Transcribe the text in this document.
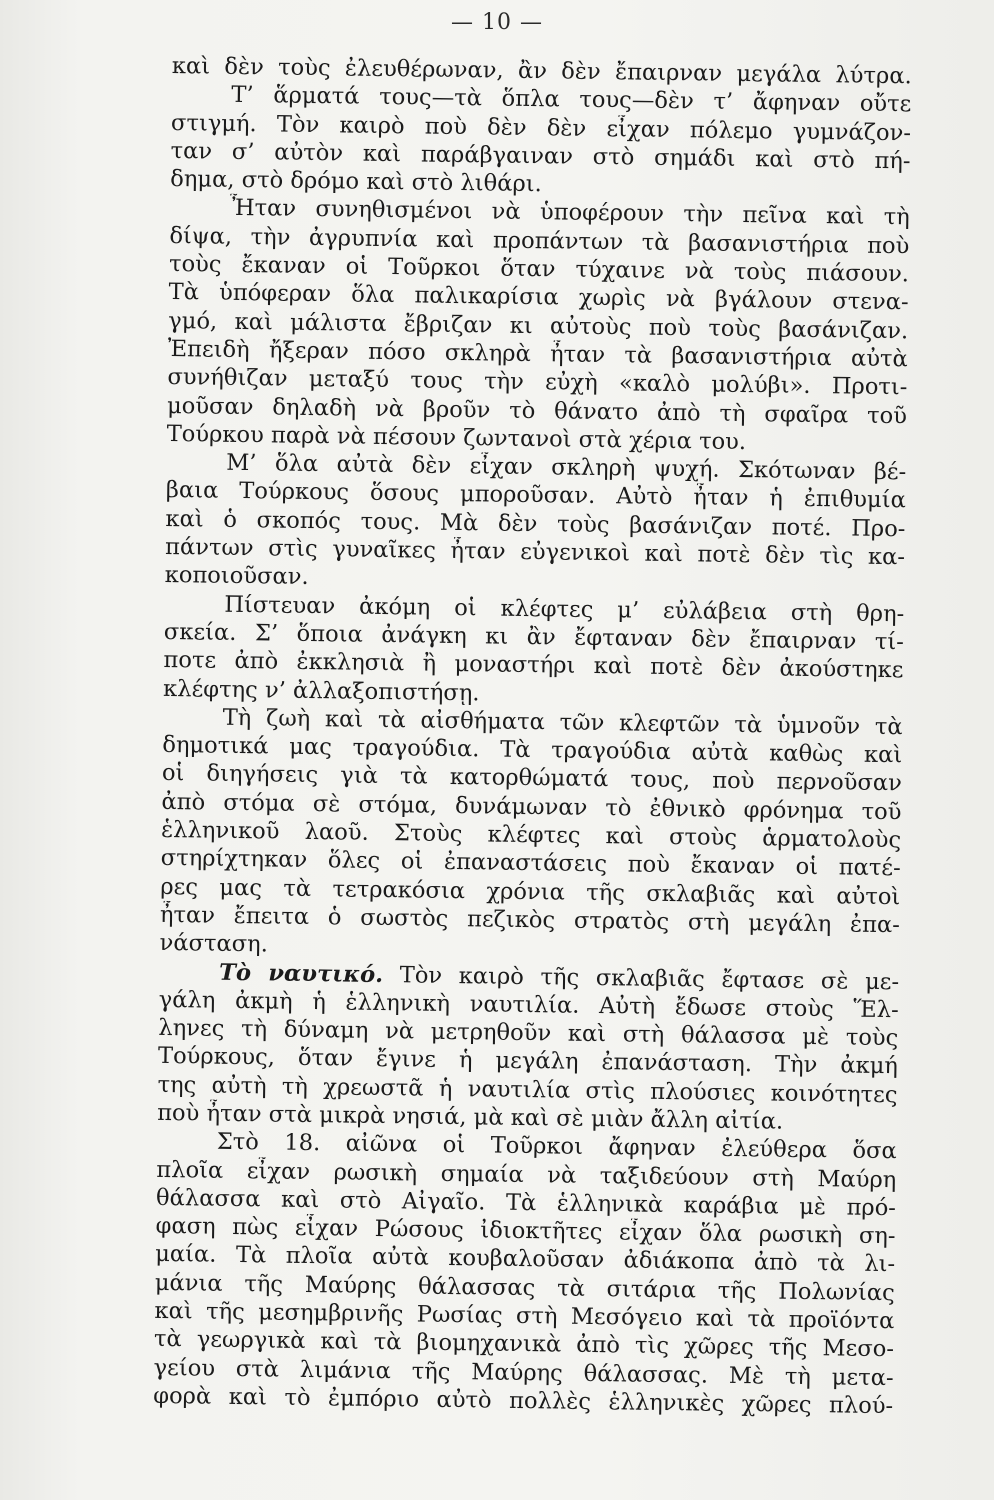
— 10 —
καὶ δὲν τοὺς ἐλευθέρωναν, ἂν δὲν ἔπαιρναν μεγάλα λύτρα.
Τ’ ἅρματά τους—τὰ ὅπλα τους—δὲν τ’ ἄφηναν οὔτε
στιγμή. Τὸν καιρὸ ποὺ δὲν δὲν εἶχαν πόλεμο γυμνάζον-
ταν σ’ αὐτὸν καὶ παράβγαιναν στὸ σημάδι καὶ στὸ πή-
δημα, στὸ δρόμο καὶ στὸ λιθάρι.
Ἦταν συνηθισμένοι νὰ ὑποφέρουν τὴν πεῖνα καὶ τὴ
δίψα, τὴν ἀγρυπνία καὶ προπάντων τὰ βασανιστήρια ποὺ
τοὺς ἔκαναν οἱ Τοῦρκοι ὅταν τύχαινε νὰ τοὺς πιάσουν.
Τὰ ὑπόφεραν ὅλα παλικαρίσια χωρὶς νὰ βγάλουν στενα-
γμό, καὶ μάλιστα ἔβριζαν κι αὐτοὺς ποὺ τοὺς βασάνιζαν.
Ἐπειδὴ ἤξεραν πόσο σκληρὰ ἦταν τὰ βασανιστήρια αὐτὰ
συνήθιζαν μεταξύ τους τὴν εὐχὴ «καλὸ μολύβι». Προτι-
μοῦσαν δηλαδὴ νὰ βροῦν τὸ θάνατο ἀπὸ τὴ σφαῖρα τοῦ
Τούρκου παρὰ νὰ πέσουν ζωντανοὶ στὰ χέρια του.
Μ’ ὅλα αὐτὰ δὲν εἶχαν σκληρὴ ψυχή. Σκότωναν βέ-
βαια Τούρκους ὅσους μποροῦσαν. Αὐτὸ ἦταν ἡ ἐπιθυμία
καὶ ὁ σκοπός τους. Μὰ δὲν τοὺς βασάνιζαν ποτέ. Προ-
πάντων στὶς γυναῖκες ἦταν εὐγενικοὶ καὶ ποτὲ δὲν τὶς κα-
κοποιοῦσαν.
Πίστευαν ἀκόμη οἱ κλέφτες μ’ εὐλάβεια στὴ θρη-
σκεία. Σ’ ὅποια ἀνάγκη κι ἂν ἔφταναν δὲν ἔπαιρναν τί-
ποτε ἀπὸ ἐκκλησιὰ ἢ μοναστήρι καὶ ποτὲ δὲν ἀκούστηκε
κλέφτης ν’ ἀλλαξοπιστήσῃ.
Τὴ ζωὴ καὶ τὰ αἰσθήματα τῶν κλεφτῶν τὰ ὑμνοῦν τὰ
δημοτικά μας τραγούδια. Τὰ τραγούδια αὐτὰ καθὼς καὶ
οἱ διηγήσεις γιὰ τὰ κατορθώματά τους, ποὺ περνοῦσαν
ἀπὸ στόμα σὲ στόμα, δυνάμωναν τὸ ἐθνικὸ φρόνημα τοῦ
ἑλληνικοῦ λαοῦ. Στοὺς κλέφτες καὶ στοὺς ἁρματολοὺς
στηρίχτηκαν ὅλες οἱ ἐπαναστάσεις ποὺ ἔκαναν οἱ πατέ-
ρες μας τὰ τετρακόσια χρόνια τῆς σκλαβιᾶς καὶ αὐτοὶ
ἦταν ἔπειτα ὁ σωστὸς πεζικὸς στρατὸς στὴ μεγάλη ἐπα-
νάσταση.
Τὸ ναυτικό. Τὸν καιρὸ τῆς σκλαβιᾶς ἔφτασε σὲ με-
γάλη ἀκμὴ ἡ ἑλληνικὴ ναυτιλία. Αὐτὴ ἔδωσε στοὺς Ἕλ-
ληνες τὴ δύναμη νὰ μετρηθοῦν καὶ στὴ θάλασσα μὲ τοὺς
Τούρκους, ὅταν ἔγινε ἡ μεγάλη ἐπανάσταση. Τὴν ἀκμή
της αὐτὴ τὴ χρεωστᾶ ἡ ναυτιλία στὶς πλούσιες κοινότητες
ποὺ ἦταν στὰ μικρὰ νησιά, μὰ καὶ σὲ μιὰν ἄλλη αἰτία.
Στὸ 18. αἰῶνα οἱ Τοῦρκοι ἄφηναν ἐλεύθερα ὅσα
πλοῖα εἶχαν ρωσικὴ σημαία νὰ ταξιδεύουν στὴ Μαύρη
θάλασσα καὶ στὸ Αἰγαῖο. Τὰ ἑλληνικὰ καράβια μὲ πρό-
φαση πὼς εἶχαν Ρώσους ἰδιοκτῆτες εἶχαν ὅλα ρωσικὴ ση-
μαία. Τὰ πλοῖα αὐτὰ κουβαλοῦσαν ἀδιάκοπα ἀπὸ τὰ λι-
μάνια τῆς Μαύρης θάλασσας τὰ σιτάρια τῆς Πολωνίας
καὶ τῆς μεσημβρινῆς Ρωσίας στὴ Μεσόγειο καὶ τὰ προϊόντα
τὰ γεωργικὰ καὶ τὰ βιομηχανικὰ ἀπὸ τὶς χῶρες τῆς Μεσο-
γείου στὰ λιμάνια τῆς Μαύρης θάλασσας. Μὲ τὴ μετα-
φορὰ καὶ τὸ ἐμπόριο αὐτὸ πολλὲς ἑλληνικὲς χῶρες πλού-
